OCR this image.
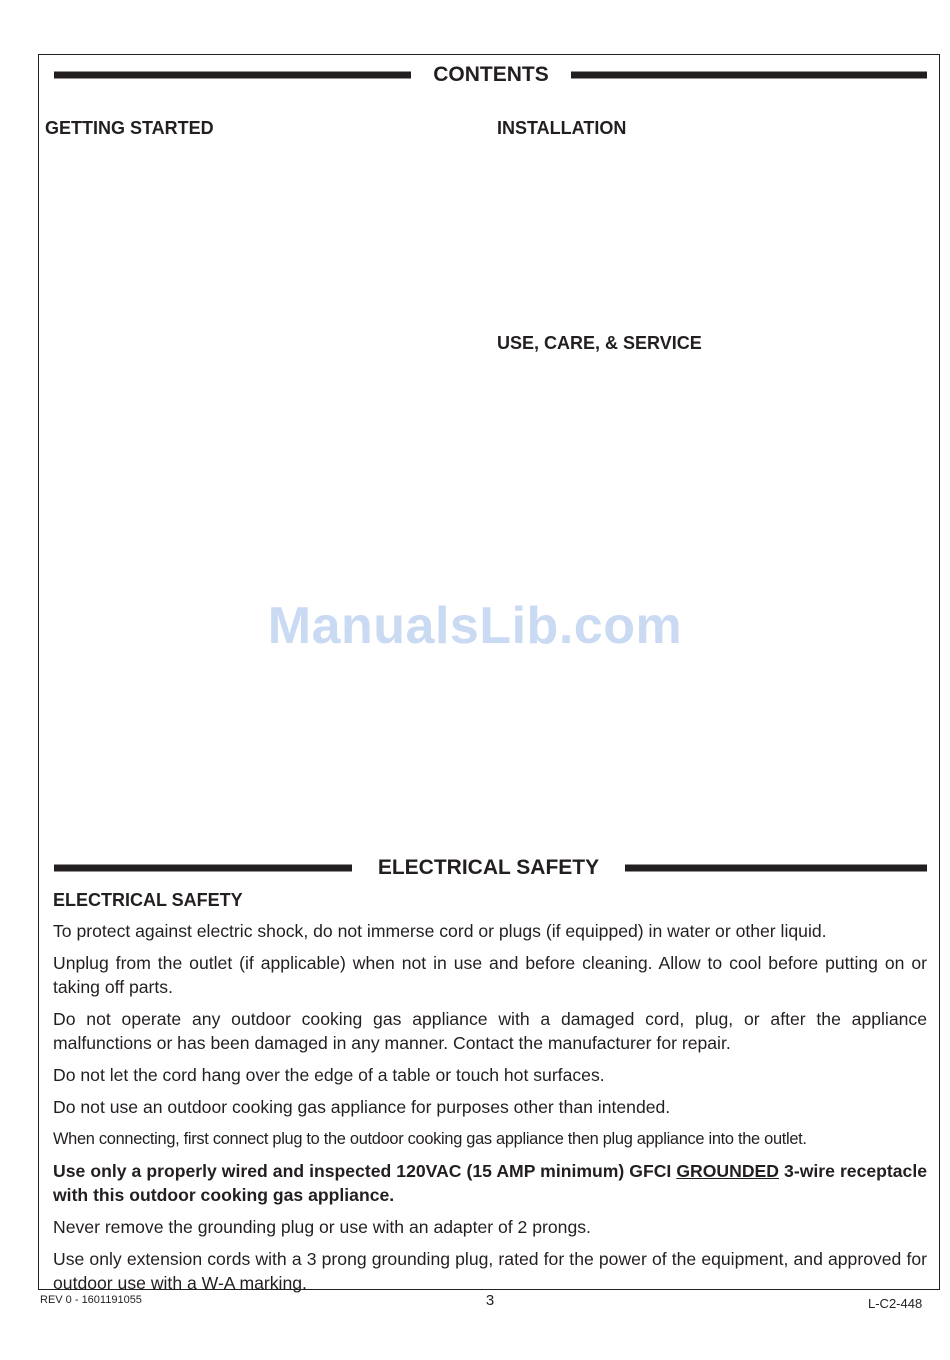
CONTENTS
GETTING STARTED	INSTALLATION
USE, CARE, & SERVICE
ManualsLib.com
ELECTRICAL SAFETY
ELECTRICAL SAFETY

To protect against electric shock, do not immerse cord or plugs (if equipped) in water or other liquid.

Unplug from the outlet (if applicable) when not in use and before cleaning. Allow to cool before putting on or taking off parts.

Do not operate any outdoor cooking gas appliance with a damaged cord, plug, or after the appliance malfunctions or has been damaged in any manner. Contact the manufacturer for repair.

Do not let the cord hang over the edge of a table or touch hot surfaces.

Do not use an outdoor cooking gas appliance for purposes other than intended.

When connecting, first connect plug to the outdoor cooking gas appliance then plug appliance into the outlet.

Use only a properly wired and inspected 120VAC (15 AMP minimum) GFCI GROUNDED 3-wire receptacle with this outdoor cooking gas appliance.

Never remove the grounding plug or use with an adapter of 2 prongs.

Use only extension cords with a 3 prong grounding plug, rated for the power of the equipment, and approved for outdoor use with a W-A marking.

REV 0 - 1601191055	3	L-C2-448
